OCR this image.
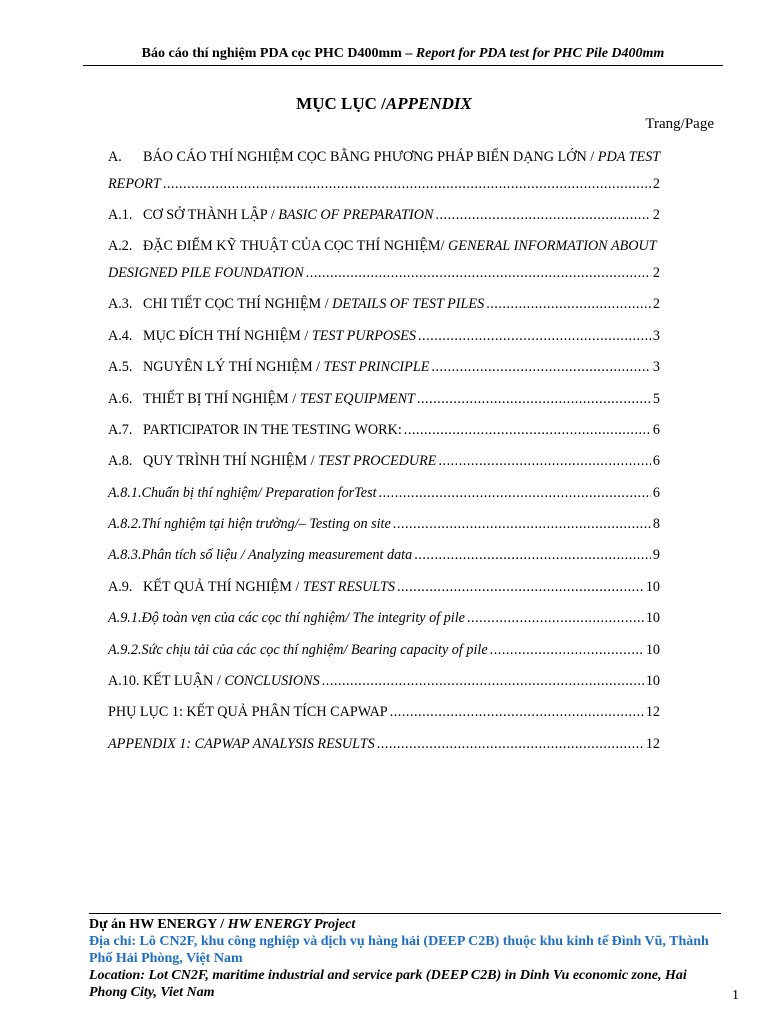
Báo cáo thí nghiệm PDA cọc PHC D400mm – Report for PDA test for PHC Pile D400mm
MỤC LỤC /APPENDIX
Trang/Page
A.	BÁO CÁO THÍ NGHIỆM CỌC BẰNG PHƯƠNG PHÁP BIẾN DẠNG LỚN / PDA TEST
REPORT .....	2
A.1. CƠ SỞ THÀNH LẬP / BASIC OF PREPARATION .....	2
A.2. ĐẶC ĐIỂM KỸ THUẬT CỦA CỌC THÍ NGHIỆM/ GENERAL INFORMATION ABOUT
DESIGNED PILE FOUNDATION .....	2
A.3. CHI TIẾT CỌC THÍ NGHIỆM / DETAILS OF TEST PILES .....	2
A.4. MỤC ĐÍCH THÍ NGHIỆM / TEST PURPOSES .....	3
A.5. NGUYÊN LÝ THÍ NGHIỆM / TEST PRINCIPLE .....	3
A.6. THIẾT BỊ THÍ NGHIỆM / TEST EQUIPMENT .....	5
A.7. PARTICIPATOR IN THE TESTING WORK: .....	6
A.8. QUY TRÌNH THÍ NGHIỆM / TEST PROCEDURE .....	6
A.8.1. Chuẩn bị thí nghiệm/ Preparation forTest .....	6
A.8.2. Thí nghiệm tại hiện trường/– Testing on site .....	8
A.8.3. Phân tích số liệu / Analyzing measurement data .....	9
A.9. KẾT QUẢ THÍ NGHIỆM / TEST RESULTS .....	10
A.9.1. Độ toàn vẹn của các cọc thí nghiệm/ The integrity of pile .....	10
A.9.2. Sức chịu tải của các cọc thí nghiệm/ Bearing capacity of pile .....	10
A.10. KẾT LUẬN / CONCLUSIONS .....	10
PHỤ LỤC 1: KẾT QUẢ PHÂN TÍCH CAPWAP .....	12
APPENDIX 1: CAPWAP ANALYSIS RESULTS .....	12
Dự án HW ENERGY / HW ENERGY Project
Địa chỉ: Lô CN2F, khu công nghiệp và dịch vụ hàng hải (DEEP C2B) thuộc khu kinh tế Đình Vũ, Thành Phố Hải Phòng, Việt Nam
Location: Lot CN2F, maritime industrial and service park (DEEP C2B) in Dinh Vu economic zone, Hai Phong City, Viet Nam	1
